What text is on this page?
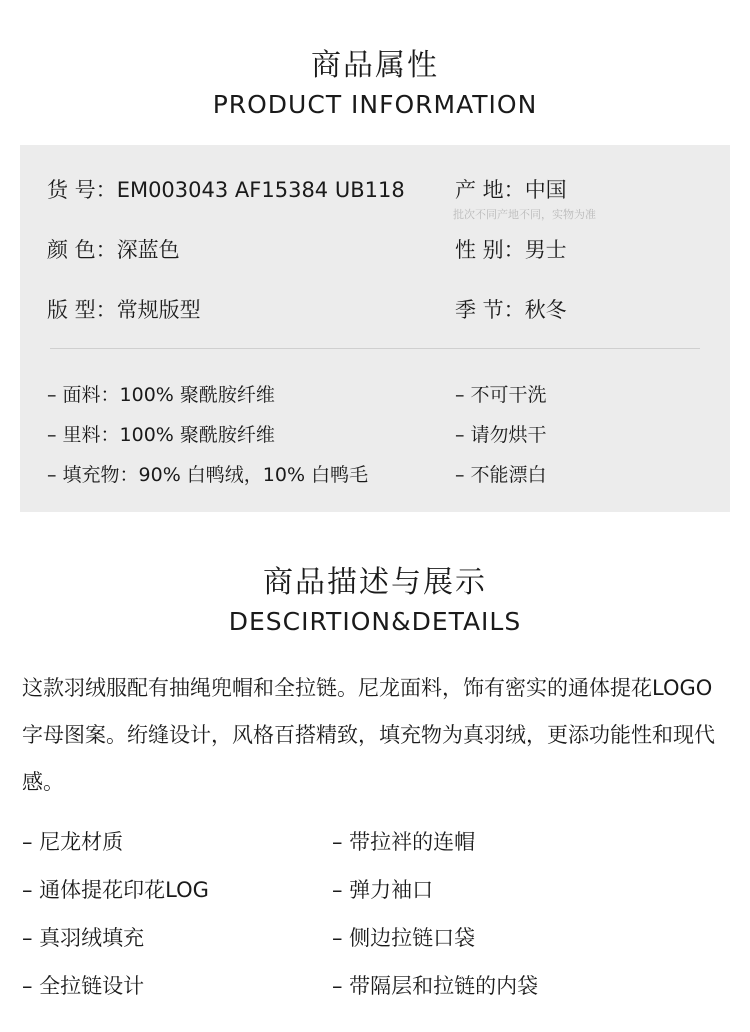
商品属性
PRODUCT INFORMATION
货 号：EM003043 AF15384 UB118 产 地：中国
批次不同产地不同，实物为准
颜 色：深蓝色	性 别：男士
版 型：常规版型	季 节：秋冬
– 面料：100% 聚酰胺纤维
– 里料：100% 聚酰胺纤维
– 填充物：90% 白鸭绒，10% 白鸭毛
– 不可干洗
– 请勿烘干
– 不能漂白
商品描述与展示
DESCIRTION&DETAILS
这款羽绒服配有抽绳兜帽和全拉链。尼龙面料，饰有密实的通体提花LOGO字母图案。绗缝设计，风格百搭精致，填充物为真羽绒，更添功能性和现代感。
– 尼龙材质
– 通体提花印花LOG
– 真羽绒填充
– 全拉链设计
– 带拉袢的连帽
– 弹力袖口
– 侧边拉链口袋
– 带隔层和拉链的内袋
